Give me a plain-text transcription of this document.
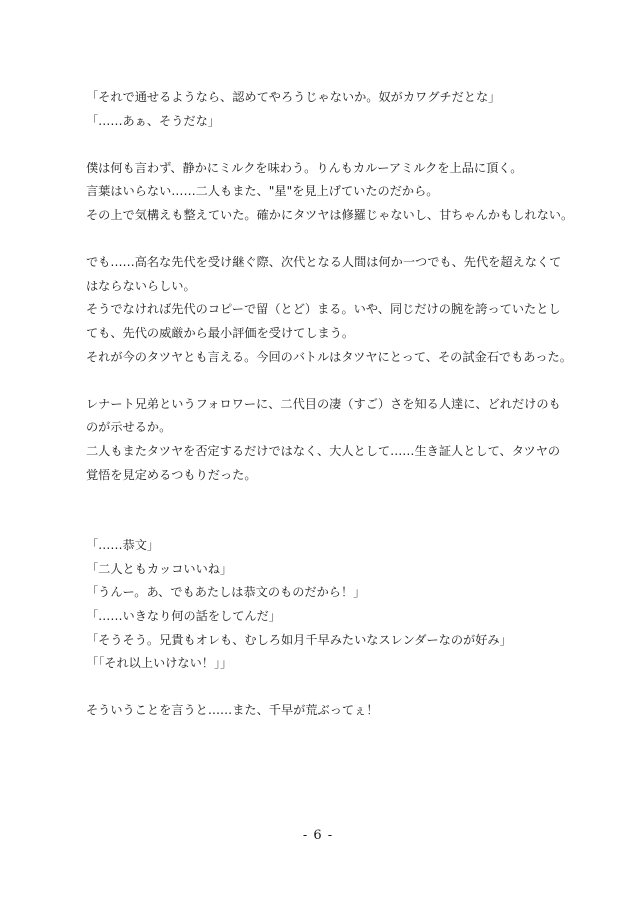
「それで通せるようなら、認めてやろうじゃないか。奴がカワグチだとな」
「……あぁ、そうだな」
僕は何も言わず、静かにミルクを味わう。りんもカルーアミルクを上品に頂く。
言葉はいらない……二人もまた、"星"を見上げていたのだから。
その上で気構えも整えていた。確かにタツヤは修羅じゃないし、甘ちゃんかもしれない。
でも……高名な先代を受け継ぐ際、次代となる人間は何か一つでも、先代を超えなくて
はならないらしい。
そうでなければ先代のコピーで留（とど）まる。いや、同じだけの腕を誇っていたとし
ても、先代の威厳から最小評価を受けてしまう。
それが今のタツヤとも言える。今回のバトルはタツヤにとって、その試金石でもあった。
レナート兄弟というフォロワーに、二代目の凄（すご）さを知る人達に、どれだけのも
のが示せるか。
二人もまたタツヤを否定するだけではなく、大人として……生き証人として、タツヤの
覚悟を見定めるつもりだった。
「……恭文」
「二人ともカッコいいね」
「うんー。あ、でもあたしは恭文のものだから！」
「……いきなり何の話をしてんだ」
「そうそう。兄貴もオレも、むしろ如月千早みたいなスレンダーなのが好み」
「「それ以上いけない！」」
そういうことを言うと……また、千早が荒ぶってぇ！
- 6 -
